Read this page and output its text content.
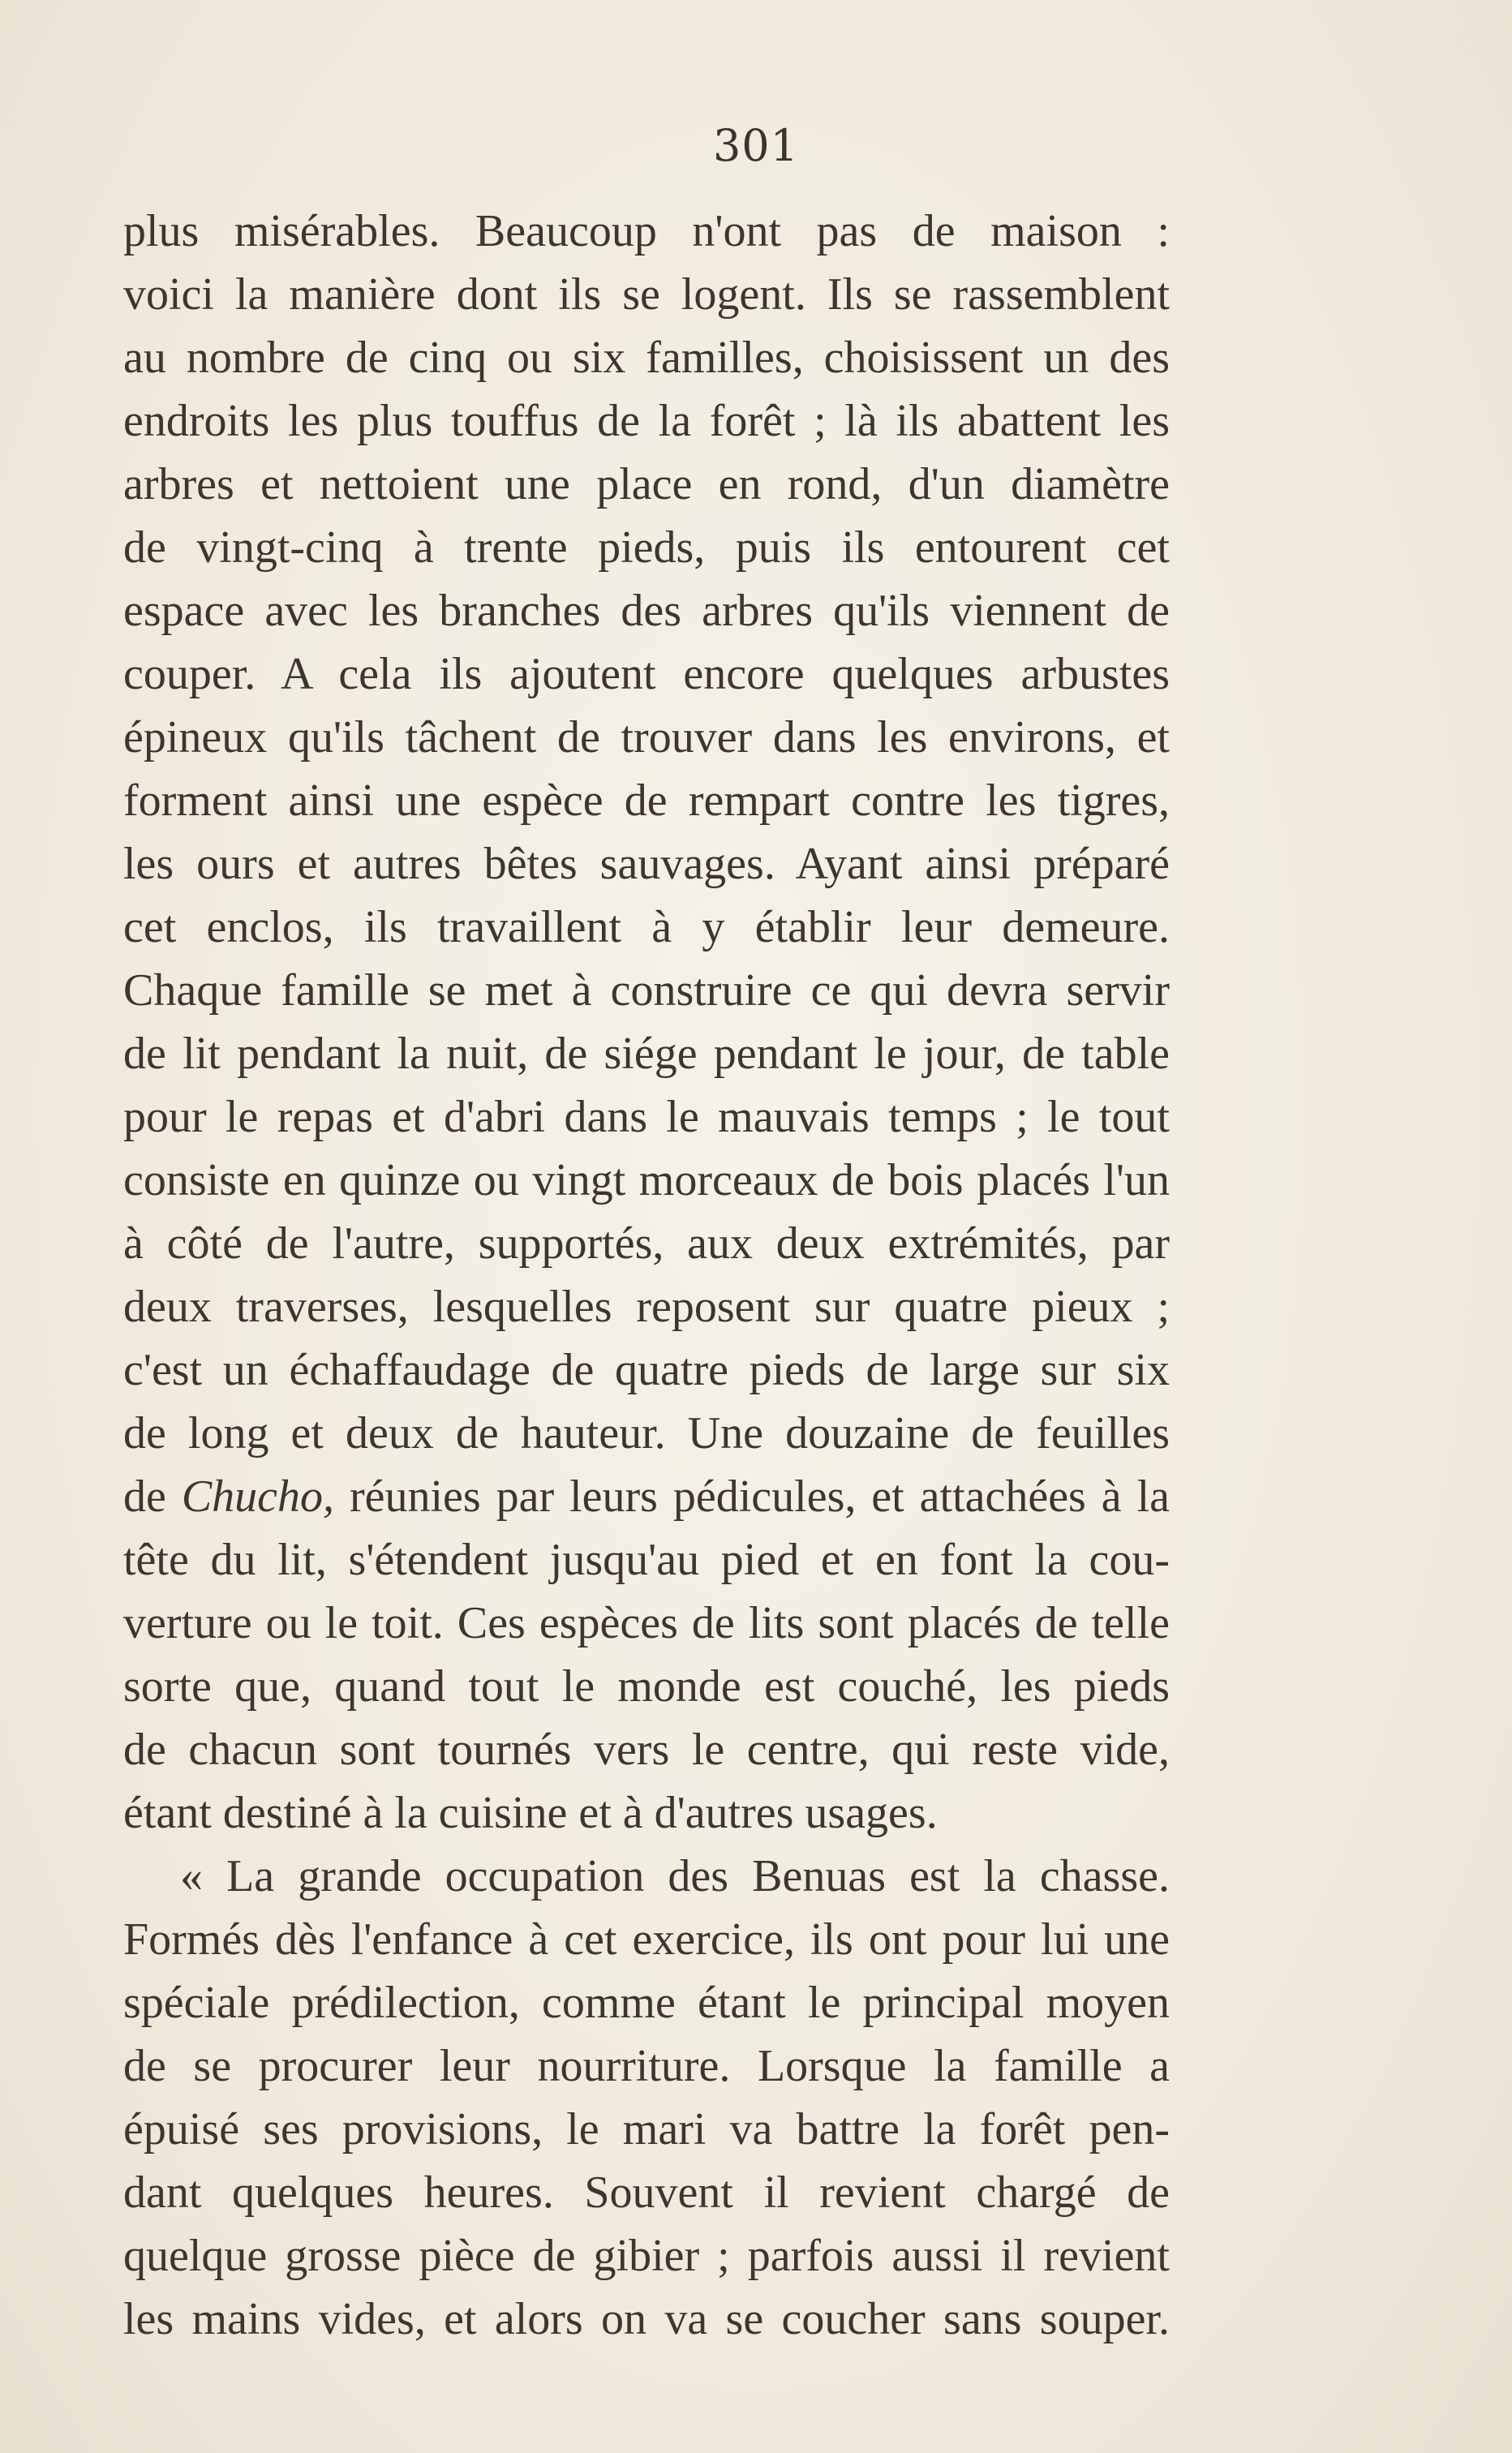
301
plus misérables. Beaucoup n'ont pas de maison :
voici la manière dont ils se logent. Ils se rassemblent
au nombre de cinq ou six familles, choisissent un des
endroits les plus touffus de la forêt ; là ils abattent les
arbres et nettoient une place en rond, d'un diamètre
de vingt-cinq à trente pieds, puis ils entourent cet
espace avec les branches des arbres qu'ils viennent de
couper. A cela ils ajoutent encore quelques arbustes
épineux qu'ils tâchent de trouver dans les environs, et
forment ainsi une espèce de rempart contre les tigres,
les ours et autres bêtes sauvages. Ayant ainsi préparé
cet enclos, ils travaillent à y établir leur demeure.
Chaque famille se met à construire ce qui devra servir
de lit pendant la nuit, de siége pendant le jour, de table
pour le repas et d'abri dans le mauvais temps ; le tout
consiste en quinze ou vingt morceaux de bois placés l'un
à côté de l'autre, supportés, aux deux extrémités, par
deux traverses, lesquelles reposent sur quatre pieux ;
c'est un échaffaudage de quatre pieds de large sur six
de long et deux de hauteur. Une douzaine de feuilles
de Chucho, réunies par leurs pédicules, et attachées à la
tête du lit, s'étendent jusqu'au pied et en font la cou-
verture ou le toit. Ces espèces de lits sont placés de telle
sorte que, quand tout le monde est couché, les pieds
de chacun sont tournés vers le centre, qui reste vide,
étant destiné à la cuisine et à d'autres usages.
« La grande occupation des Benuas est la chasse.
Formés dès l'enfance à cet exercice, ils ont pour lui une
spéciale prédilection, comme étant le principal moyen
de se procurer leur nourriture. Lorsque la famille a
épuisé ses provisions, le mari va battre la forêt pen-
dant quelques heures. Souvent il revient chargé de
quelque grosse pièce de gibier ; parfois aussi il revient
les mains vides, et alors on va se coucher sans souper.
